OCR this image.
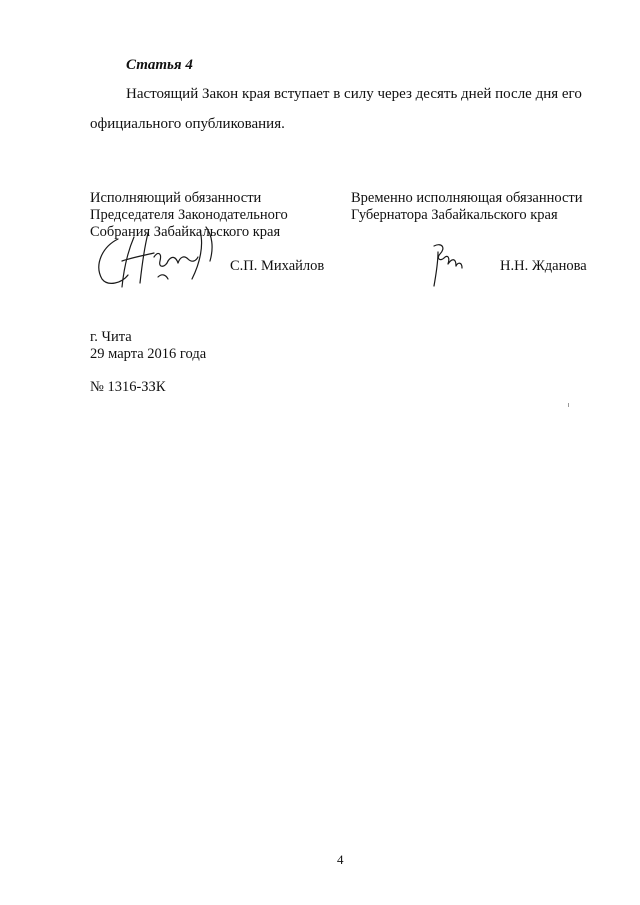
Статья 4
Настоящий Закон края вступает в силу через десять дней после дня его
официального опубликования.
Исполняющий обязанности
Председателя Законодательного
Собрания Забайкальского края
Временно исполняющая обязанности
Губернатора Забайкальского края
С.П. Михайлов	Н.Н. Жданова
г. Чита
29 марта 2016 года
№ 1316-ЗЗК
4
